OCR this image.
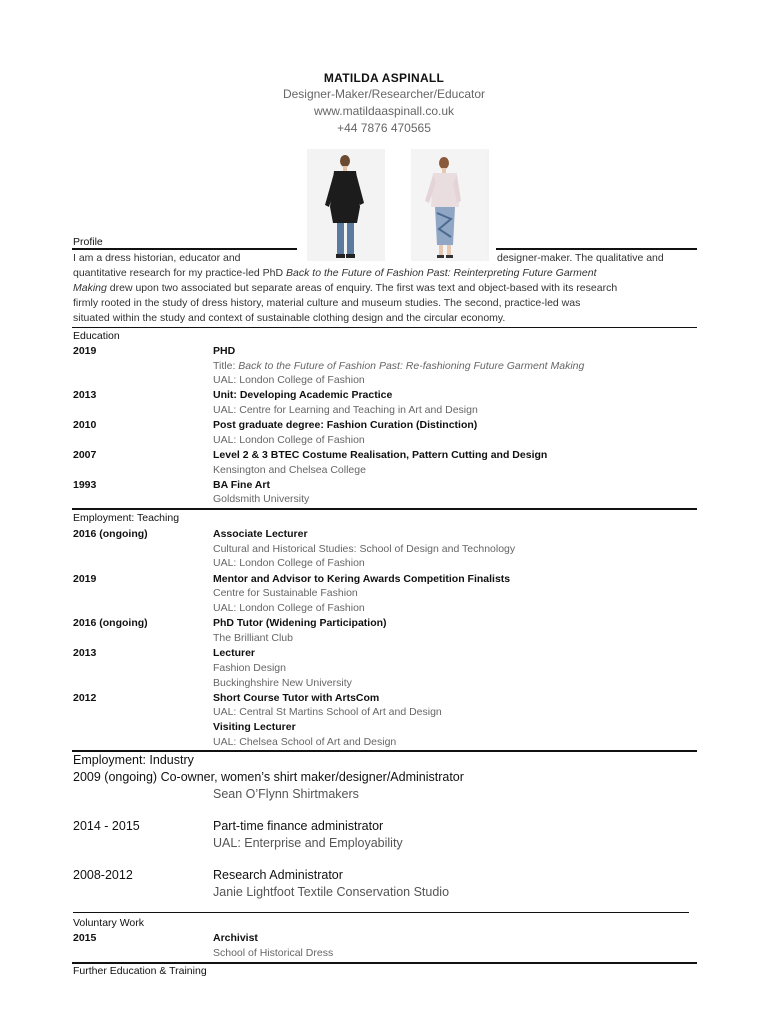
MATILDA ASPINALL
Designer-Maker/Researcher/Educator
www.matildaaspinall.co.uk
+44 7876 470565
Profile
I am a dress historian, educator and	designer-maker. The qualitative and
quantitative research for my practice-led PhD Back to the Future of Fashion Past: Reinterpreting Future Garment
Making drew upon two associated but separate areas of enquiry. The first was text and object-based with its research
firmly rooted in the study of dress history, material culture and museum studies. The second, practice-led was
situated within the study and context of sustainable clothing design and the circular economy.
Education
2019	PHD
Title: Back to the Future of Fashion Past: Re-fashioning Future Garment Making
UAL: London College of Fashion
2013	Unit: Developing Academic Practice
UAL: Centre for Learning and Teaching in Art and Design
2010	Post graduate degree: Fashion Curation (Distinction)
UAL: London College of Fashion
2007	Level 2 & 3 BTEC Costume Realisation, Pattern Cutting and Design
Kensington and Chelsea College
1993	BA Fine Art
Goldsmith University
Employment: Teaching
2016 (ongoing)	Associate Lecturer
Cultural and Historical Studies: School of Design and Technology
UAL: London College of Fashion
2019	Mentor and Advisor to Kering Awards Competition Finalists
Centre for Sustainable Fashion
UAL: London College of Fashion
2016 (ongoing)	PhD Tutor (Widening Participation)
The Brilliant Club
2013	Lecturer
Fashion Design
Buckinghshire New University
2012	Short Course Tutor with ArtsCom
UAL: Central St Martins School of Art and Design
Visiting Lecturer
UAL: Chelsea School of Art and Design
Employment: Industry
2009 (ongoing) Co-owner, women’s shirt maker/designer/Administrator
Sean O’Flynn Shirtmakers
2014 - 2015	Part-time finance administrator
UAL: Enterprise and Employability
2008-2012	Research Administrator
Janie Lightfoot Textile Conservation Studio
Voluntary Work
2015	Archivist
School of Historical Dress
Further Education & Training
